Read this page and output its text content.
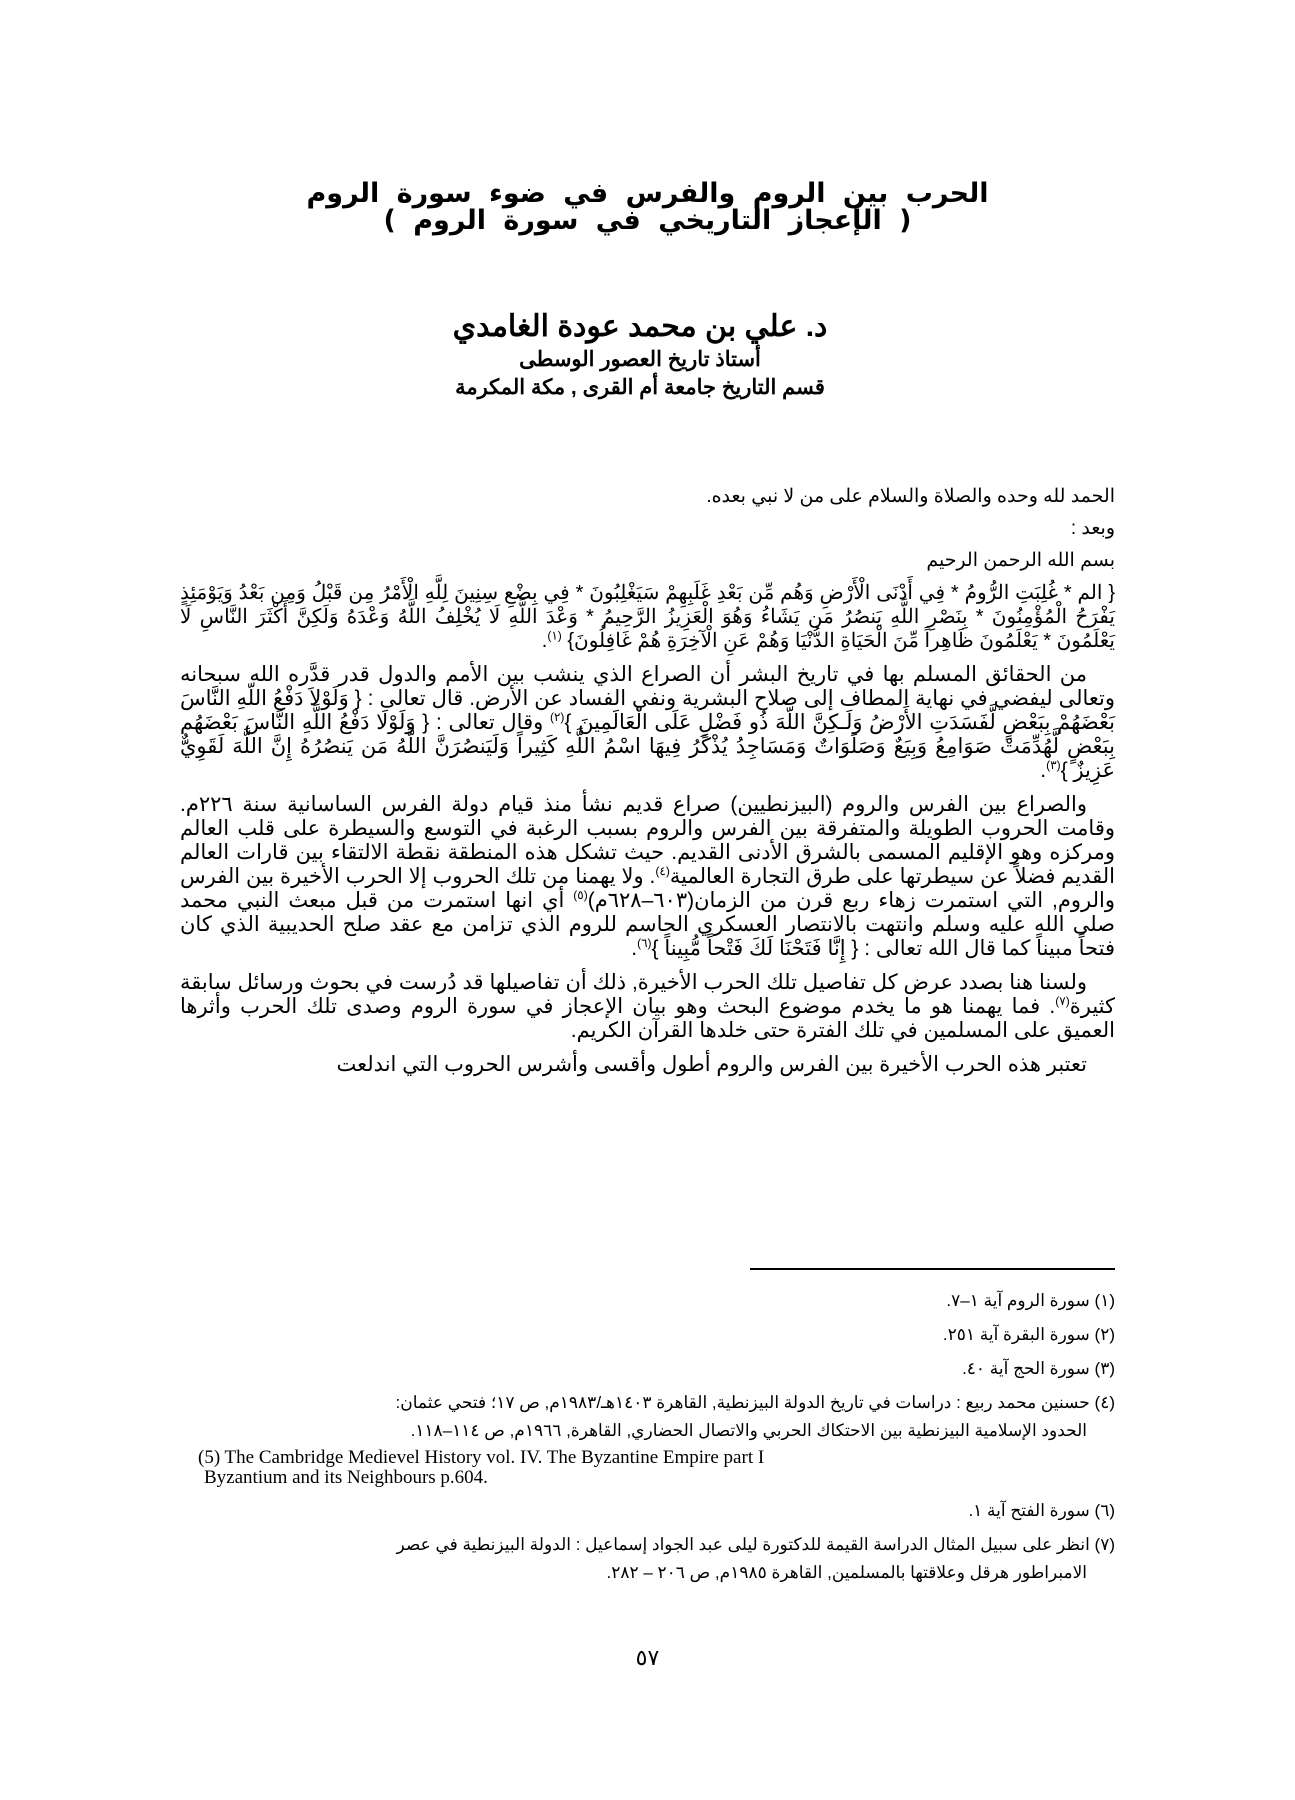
الحرب بين الروم والفرس في ضوء سورة الروم
( الإعجاز التاريخي في سورة الروم )
د. علي بن محمد عودة الغامدي
أستاذ تاريخ العصور الوسطى
قسم التاريخ جامعة أم القرى , مكة المكرمة
الحمد لله وحده والصلاة والسلام على من لا نبي بعده.
وبعد :
بسم الله الرحمن الرحيم

{ الم * غُلِبَتِ الرُّومُ * فِي أَدْنَى الْأَرْضِ وَهُم مِّن بَعْدِ غَلَبِهِمْ سَيَغْلِبُونَ * فِي بِضْعِ سِنِينَ لِلَّهِ الْأَمْرُ مِن قَبْلُ وَمِن بَعْدُ وَيَوْمَئِذٍ يَفْرَحُ الْمُؤْمِنُونَ * بِنَصْرِ اللَّهِ يَنصُرُ مَن يَشَاءُ وَهُوَ الْعَزِيزُ الرَّحِيمُ * وَعْدَ اللَّهِ لَا يُخْلِفُ اللَّهُ وَعْدَهُ وَلَكِنَّ أَكْثَرَ النَّاسِ لَا يَعْلَمُونَ * يَعْلَمُونَ ظَاهِراً مِّنَ الْحَيَاةِ الدُّنْيَا وَهُمْ عَنِ الْآخِرَةِ هُمْ غَافِلُونَ} $^{(١)}$.

من الحقائق المسلم بها في تاريخ البشر أن الصراع الذي ينشب بين الأمم والدول قدر قدَّره الله سبحانه وتعالى ليفضي في نهاية المطاف إلى صلاح البشرية ونفي الفساد عن الأرض. قال تعالى : { وَلَوْلاَ دَفْعُ اللّهِ النَّاسَ بَعْضَهُمْ بِبَعْضٍ لَّفَسَدَتِ الأَرْضُ وَلَـكِنَّ اللّهَ ذُو فَضْلٍ عَلَى الْعَالَمِينَ }$^{(٢)}$ وقال تعالى : { وَلَوْلَا دَفْعُ اللَّهِ النَّاسَ بَعْضَهُم بِبَعْضٍ لَّهُدِّمَتْ صَوَامِعُ وَبِيَعٌ وَصَلَوَاتٌ وَمَسَاجِدُ يُذْكَرُ فِيهَا اسْمُ اللَّهِ كَثِيراً وَلَيَنصُرَنَّ اللَّهُ مَن يَنصُرُهُ إِنَّ اللَّهَ لَقَوِيٌّ عَزِيزٌ }$^{(٣)}$.

والصراع بين الفرس والروم (البيزنطيين) صراع قديم نشأ منذ قيام دولة الفرس الساسانية سنة ٢٢٦م. وقامت الحروب الطويلة والمتفرقة بين الفرس والروم بسبب الرغبة في التوسع والسيطرة على قلب العالم ومركزه وهو الإقليم المسمى بالشرق الأدنى القديم. حيث تشكل هذه المنطقة نقطة الالتقاء بين قارات العالم القديم فضلاً عن سيطرتها على طرق التجارة العالمية$^{(٤)}$. ولا يهمنا من تلك الحروب إلا الحرب الأخيرة بين الفرس والروم, التي استمرت زهاء ربع قرن من الزمان(٦٠٣–٦٢٨م)$^{(٥)}$ أي انها استمرت من قبل مبعث النبي محمد صلى الله عليه وسلم وانتهت بالانتصار العسكري الحاسم للروم الذي تزامن مع عقد صلح الحديبية الذي كان فتحاً مبيناً كما قال الله تعالى : { إِنَّا فَتَحْنَا لَكَ فَتْحاً مُّبِيناً }$^{(٦)}$.

ولسنا هنا بصدد عرض كل تفاصيل تلك الحرب الأخيرة, ذلك أن تفاصيلها قد دُرست في بحوث ورسائل سابقة كثيرة$^{(٧)}$. فما يهمنا هو ما يخدم موضوع البحث وهو بيان الإعجاز في سورة الروم وصدى تلك الحرب وأثرها العميق على المسلمين في تلك الفترة حتى خلدها القرآن الكريم.

تعتبر هذه الحرب الأخيرة بين الفرس والروم أطول وأقسى وأشرس الحروب التي اندلعت

(١) سورة الروم آية ١–٧.
(٢) سورة البقرة آية ٢٥١.
(٣) سورة الحج آية ٤٠.
(٤) حسنين محمد ربيع : دراسات في تاريخ الدولة البيزنطية, القاهرة ١٤٠٣هـ/١٩٨٣م, ص ١٧؛ فتحي عثمان:
الحدود الإسلامية البيزنطية بين الاحتكاك الحربي والاتصال الحضاري, القاهرة, ١٩٦٦م, ص ١١٤–١١٨.
(5) The Cambridge Medievel History vol. IV. The Byzantine Empire part I
Byzantium and its Neighbours p.604.
(٦) سورة الفتح آية ١.
(٧) انظر على سبيل المثال الدراسة القيمة للدكتورة ليلى عبد الجواد إسماعيل : الدولة البيزنطية في عصر
الامبراطور هرقل وعلاقتها بالمسلمين, القاهرة ١٩٨٥م, ص ٢٠٦ – ٢٨٢.
٥٧
